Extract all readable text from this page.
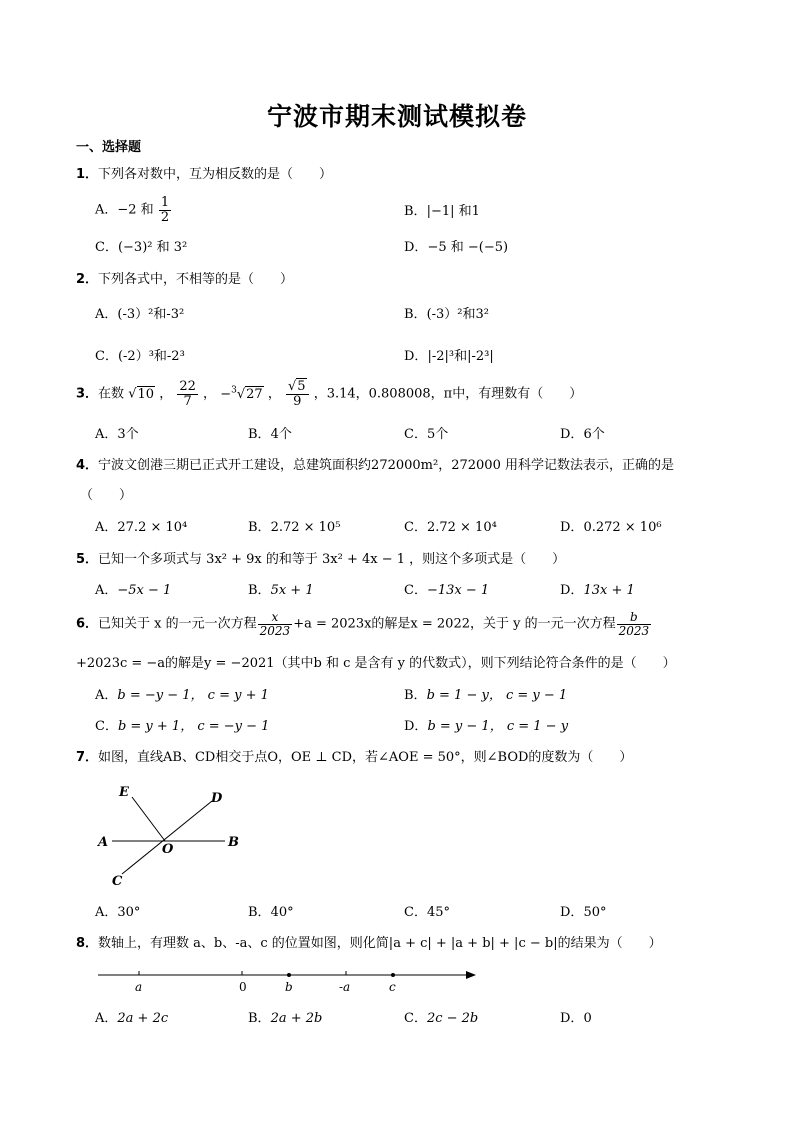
宁波市期末测试模拟卷
一、选择题
1．下列各对数中，互为相反数的是（　　）
A．−2 和 $\frac{1}{2}$	B．|−1| 和1
C．(−3)² 和 3²	D．−5 和 −(−5)
2．下列各式中，不相等的是（　　）
A．(-3）²和-3²	B．(-3）²和3²
C．(-2）³和-2³	D．|-2|³和|-2³|
3．在数 √10 ， $\frac{22}{7}$ ， −$^3$√27 ， $\frac{√5}{9}$ ，3.14，0.808008，π中，有理数有（　　）
A．3个	B．4个	C．5个	D．6个
4．宁波文创港三期已正式开工建设，总建筑面积约272000m²，272000 用科学记数法表示，正确的是
（　　）
A．27.2 × 10⁴	B．2.72 × 10⁵	C．2.72 × 10⁴	D．0.272 × 10⁶
5．已知一个多项式与 3x² + 9x 的和等于 3x² + 4x − 1 ，则这个多项式是（　　）
A．−5x − 1	B．5x + 1	C．−13x − 1	D．13x + 1
6．已知关于 x 的一元一次方程 $\frac{x}{2023} +a = 2023x$的解是x = 2022，关于 y 的一元一次方程 $\frac{b}{2023}$
+2023c = −a的解是y = −2021（其中b 和 c 是含有 y 的代数式），则下列结论符合条件的是（　　）
A．b = −y − 1， c = y + 1	B．b = 1 − y， c = y − 1
C．b = y + 1， c = −y − 1	D．b = y − 1， c = 1 − y
7．如图，直线AB、CD相交于点O，OE ⊥ CD，若∠AOE = 50°，则∠BOD的度数为（　　）
E	D
A	O	B
C
A．30°	B．40°	C．45°	D．50°
8．数轴上，有理数 a、b、-a、c 的位置如图，则化简|a + c| + |a + b| + |c − b|的结果为（　　）
a	0	b	-a	c
A．2a + 2c	B．2a + 2b	C．2c − 2b	D．0
